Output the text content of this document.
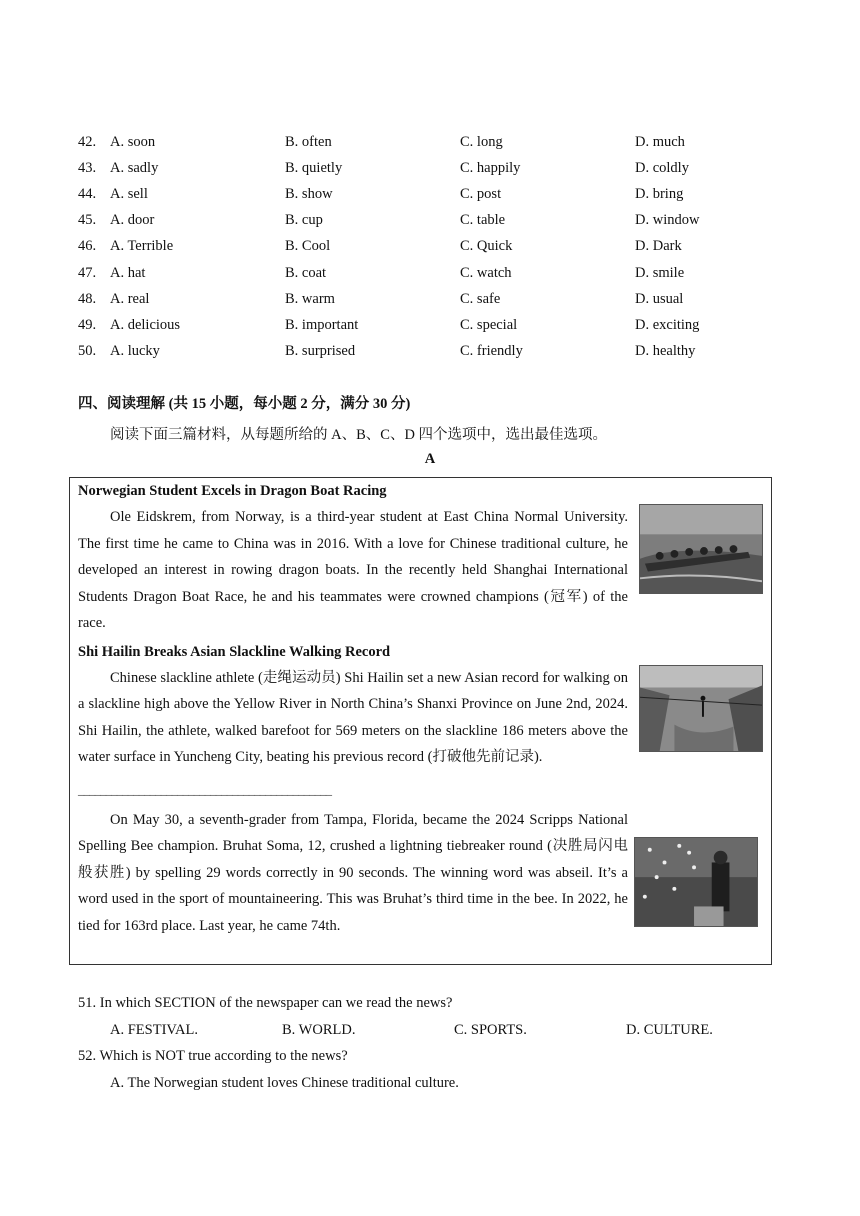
42. A. soon	B. often	C. long	D. much
43. A. sadly	B. quietly	C. happily	D. coldly
44. A. sell	B. show	C. post	D. bring
45. A. door	B. cup	C. table	D. window
46. A. Terrible	B. Cool	C. Quick	D. Dark
47. A. hat	B. coat	C. watch	D. smile
48. A. real	B. warm	C. safe	D. usual
49. A. delicious	B. important	C. special	D. exciting
50. A. lucky	B. surprised	C. friendly	D. healthy
四、阅读理解 (共 15 小题，每小题 2 分，满分 30 分)
阅读下面三篇材料，从每题所给的 A、B、C、D 四个选项中，选出最佳选项。
A
Norwegian Student Excels in Dragon Boat Racing
Ole Eidskrem, from Norway, is a third-year student at East China Normal University. The first time he came to China was in 2016. With a love for Chinese traditional culture, he developed an interest in rowing dragon boats. In the recently held Shanghai International Students Dragon Boat Race, he and his teammates were crowned champions (冠军) of the race.
Shi Hailin Breaks Asian Slackline Walking Record
Chinese slackline athlete (走绳运动员) Shi Hailin set a new Asian record for walking on a slackline high above the Yellow River in North China’s Shanxi Province on June 2nd, 2024. Shi Hailin, the athlete, walked barefoot for 569 meters on the slackline 186 meters above the water surface in Yuncheng City, beating his previous record (打破他先前记录).
______________________________________________
On May 30, a seventh-grader from Tampa, Florida, became the 2024 Scripps National Spelling Bee champion. Bruhat Soma, 12, crushed a lightning tiebreaker round (决胜局闪电般获胜) by spelling 29 words correctly in 90 seconds. The winning word was abseil. It’s a word used in the sport of mountaineering. This was Bruhat’s third time in the bee. In 2022, he tied for 163rd place. Last year, he came 74th.
51. In which SECTION of the newspaper can we read the news?
A. FESTIVAL.	B. WORLD.	C. SPORTS.	D. CULTURE.
52. Which is NOT true according to the news?
A. The Norwegian student loves Chinese traditional culture.
